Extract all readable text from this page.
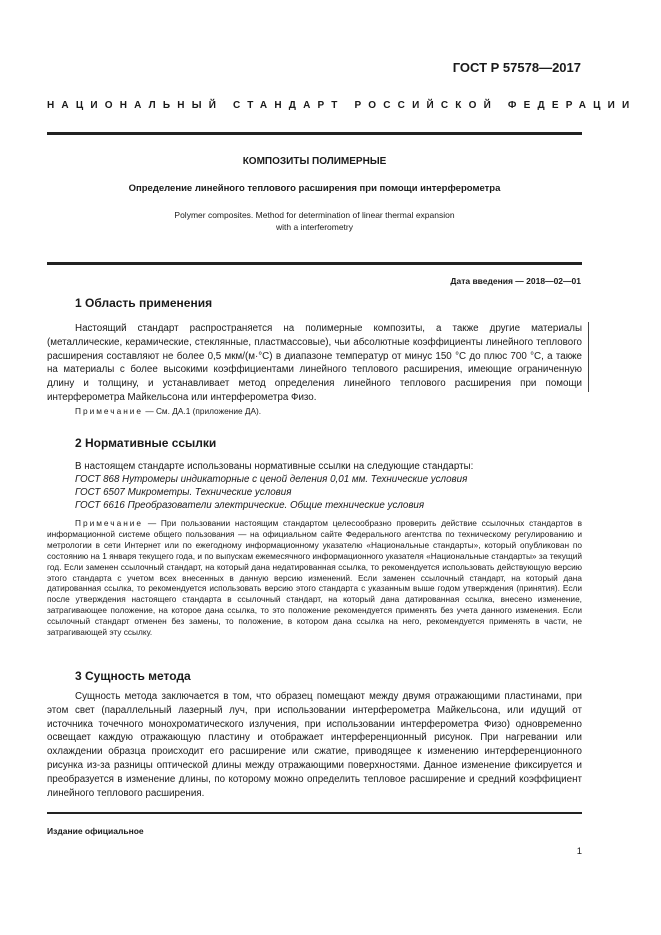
ГОСТ Р 57578—2017
НАЦИОНАЛЬНЫЙ СТАНДАРТ РОССИЙСКОЙ ФЕДЕРАЦИИ
КОМПОЗИТЫ ПОЛИМЕРНЫЕ
Определение линейного теплового расширения при помощи интерферометра
Polymer composites. Method for determination of linear thermal expansion
with a interferometry
Дата введения — 2018—02—01
1 Область применения

Настоящий стандарт распространяется на полимерные композиты, а также другие материалы (металлические, керамические, стеклянные, пластмассовые), чьи абсолютные коэффициенты линейного теплового расширения составляют не более 0,5 мкм/(м·°С) в диапазоне температур от минус 150 °С до плюс 700 °С, а также на материалы с более высокими коэффициентами линейного теплового расширения, имеющие ограниченную длину и толщину, и устанавливает метод определения линейного теплового расширения при помощи интерферометра Майкельсона или интерферометра Физо.

Примечание — См. ДА.1 (приложение ДА).

2 Нормативные ссылки
В настоящем стандарте использованы нормативные ссылки на следующие стандарты:
ГОСТ 868 Нутромеры индикаторные с ценой деления 0,01 мм. Технические условия
ГОСТ 6507 Микрометры. Технические условия
ГОСТ 6616 Преобразователи электрические. Общие технические условия

Примечание — При пользовании настоящим стандартом целесообразно проверить действие ссылочных стандартов в информационной системе общего пользования — на официальном сайте Федерального агентства по техническому регулированию и метрологии в сети Интернет или по ежегодному информационному указателю «Национальные стандарты», который опубликован по состоянию на 1 января текущего года, и по выпускам ежемесячного информационного указателя «Национальные стандарты» за текущий год. Если заменен ссылочный стандарт, на который дана недатированная ссылка, то рекомендуется использовать действующую версию этого стандарта с учетом всех внесенных в данную версию изменений. Если заменен ссылочный стандарт, на который дана датированная ссылка, то рекомендуется использовать версию этого стандарта с указанным выше годом утверждения (принятия). Если после утверждения настоящего стандарта в ссылочный стандарт, на который дана датированная ссылка, внесено изменение, затрагивающее положение, на которое дана ссылка, то это положение рекомендуется применять без учета данного изменения. Если ссылочный стандарт отменен без замены, то положение, в котором дана ссылка на него, рекомендуется применять в части, не затрагивающей эту ссылку.

3 Сущность метода

Сущность метода заключается в том, что образец помещают между двумя отражающими пластинами, при этом свет (параллельный лазерный луч, при использовании интерферометра Майкельсона, или идущий от источника точечного монохроматического излучения, при использовании интерферометра Физо) одновременно освещает каждую отражающую пластину и отображает интерференционный рисунок. При нагревании или охлаждении образца происходит его расширение или сжатие, приводящее к изменению интерференционного рисунка из-за разницы оптической длины между отражающими поверхностями. Данное изменение фиксируется и преобразуется в изменение длины, по которому можно определить тепловое расширение и средний коэффициент линейного теплового расширения.

Издание официальное
1
